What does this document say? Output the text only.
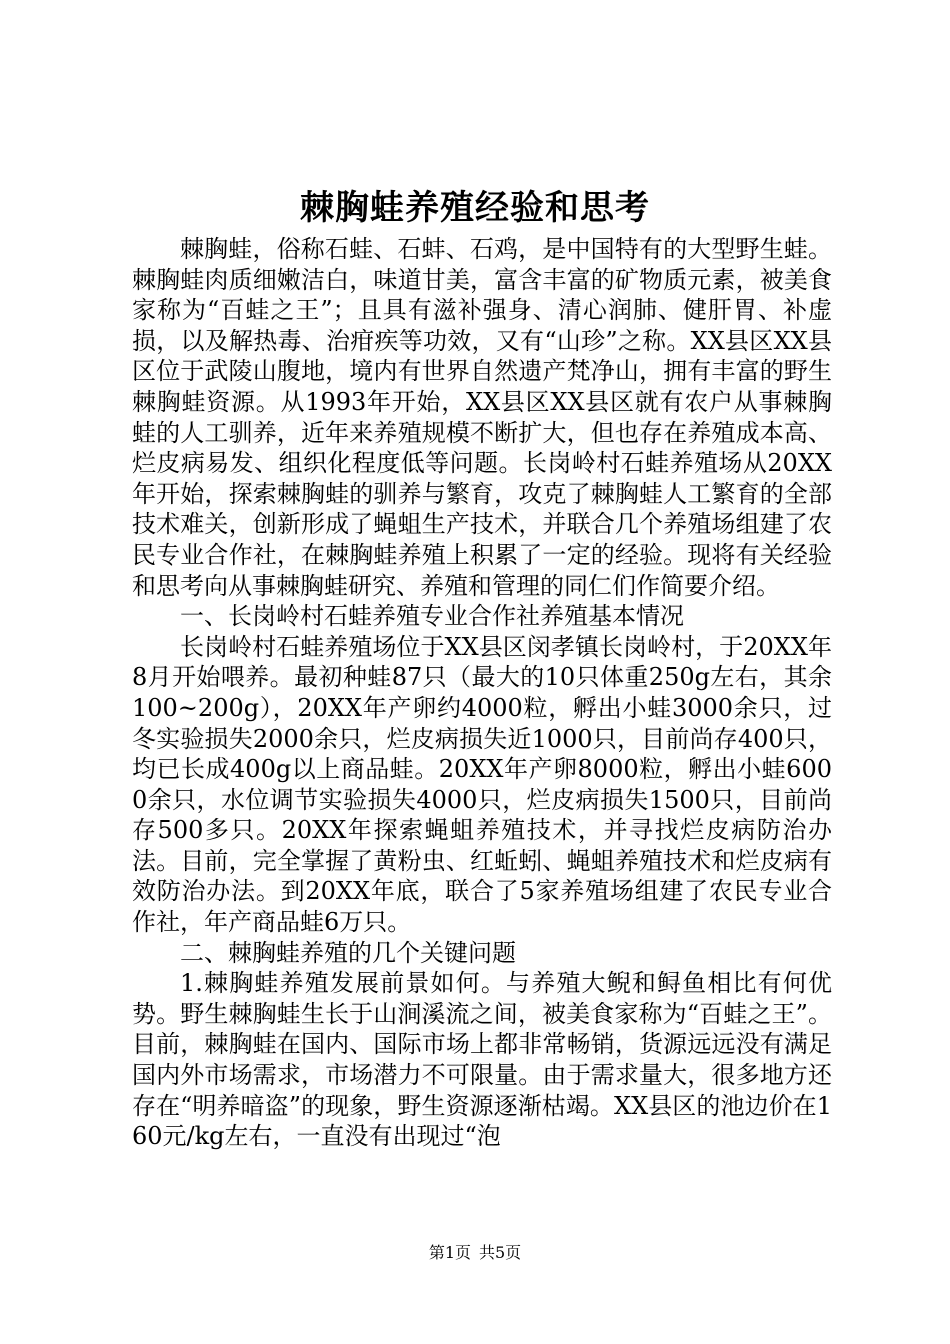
棘胸蛙养殖经验和思考

棘胸蛙，俗称石蛙、石蚌、石鸡，是中国特有的大型野生蛙。棘胸蛙肉质细嫩洁白，味道甘美，富含丰富的矿物质元素，被美食家称为“百蛙之王”；且具有滋补强身、清心润肺、健肝胃、补虚损，以及解热毒、治疳疾等功效，又有“山珍”之称。XX县区XX县区位于武陵山腹地，境内有世界自然遗产梵净山，拥有丰富的野生棘胸蛙资源。从1993年开始，XX县区XX县区就有农户从事棘胸蛙的人工驯养，近年来养殖规模不断扩大，但也存在养殖成本高、烂皮病易发、组织化程度低等问题。长岗岭村石蛙养殖场从20XX年开始，探索棘胸蛙的驯养与繁育，攻克了棘胸蛙人工繁育的全部技术难关，创新形成了蝇蛆生产技术，并联合几个养殖场组建了农民专业合作社，在棘胸蛙养殖上积累了一定的经验。现将有关经验和思考向从事棘胸蛙研究、养殖和管理的同仁们作简要介绍。

一、长岗岭村石蛙养殖专业合作社养殖基本情况

长岗岭村石蛙养殖场位于XX县区闵孝镇长岗岭村，于20XX年8月开始喂养。最初种蛙87只（最大的10只体重250g左右，其余100~200g），20XX年产卵约4000粒，孵出小蛙3000余只，过冬实验损失2000余只，烂皮病损失近1000只，目前尚存400只，均已长成400g以上商品蛙。20XX年产卵8000粒，孵出小蛙6000余只，水位调节实验损失4000只，烂皮病损失1500只，目前尚存500多只。20XX年探索蝇蛆养殖技术，并寻找烂皮病防治办法。目前，完全掌握了黄粉虫、红蚯蚓、蝇蛆养殖技术和烂皮病有效防治办法。到20XX年底，联合了5家养殖场组建了农民专业合作社，年产商品蛙6万只。

二、棘胸蛙养殖的几个关键问题

1.棘胸蛙养殖发展前景如何。与养殖大鲵和鲟鱼相比有何优势。野生棘胸蛙生长于山涧溪流之间，被美食家称为“百蛙之王”。目前，棘胸蛙在国内、国际市场上都非常畅销，货源远远没有满足国内外市场需求，市场潜力不可限量。由于需求量大，很多地方还存在“明养暗盗”的现象，野生资源逐渐枯竭。XX县区的池边价在160元/kg左右，一直没有出现过“泡

第1页 共5页
